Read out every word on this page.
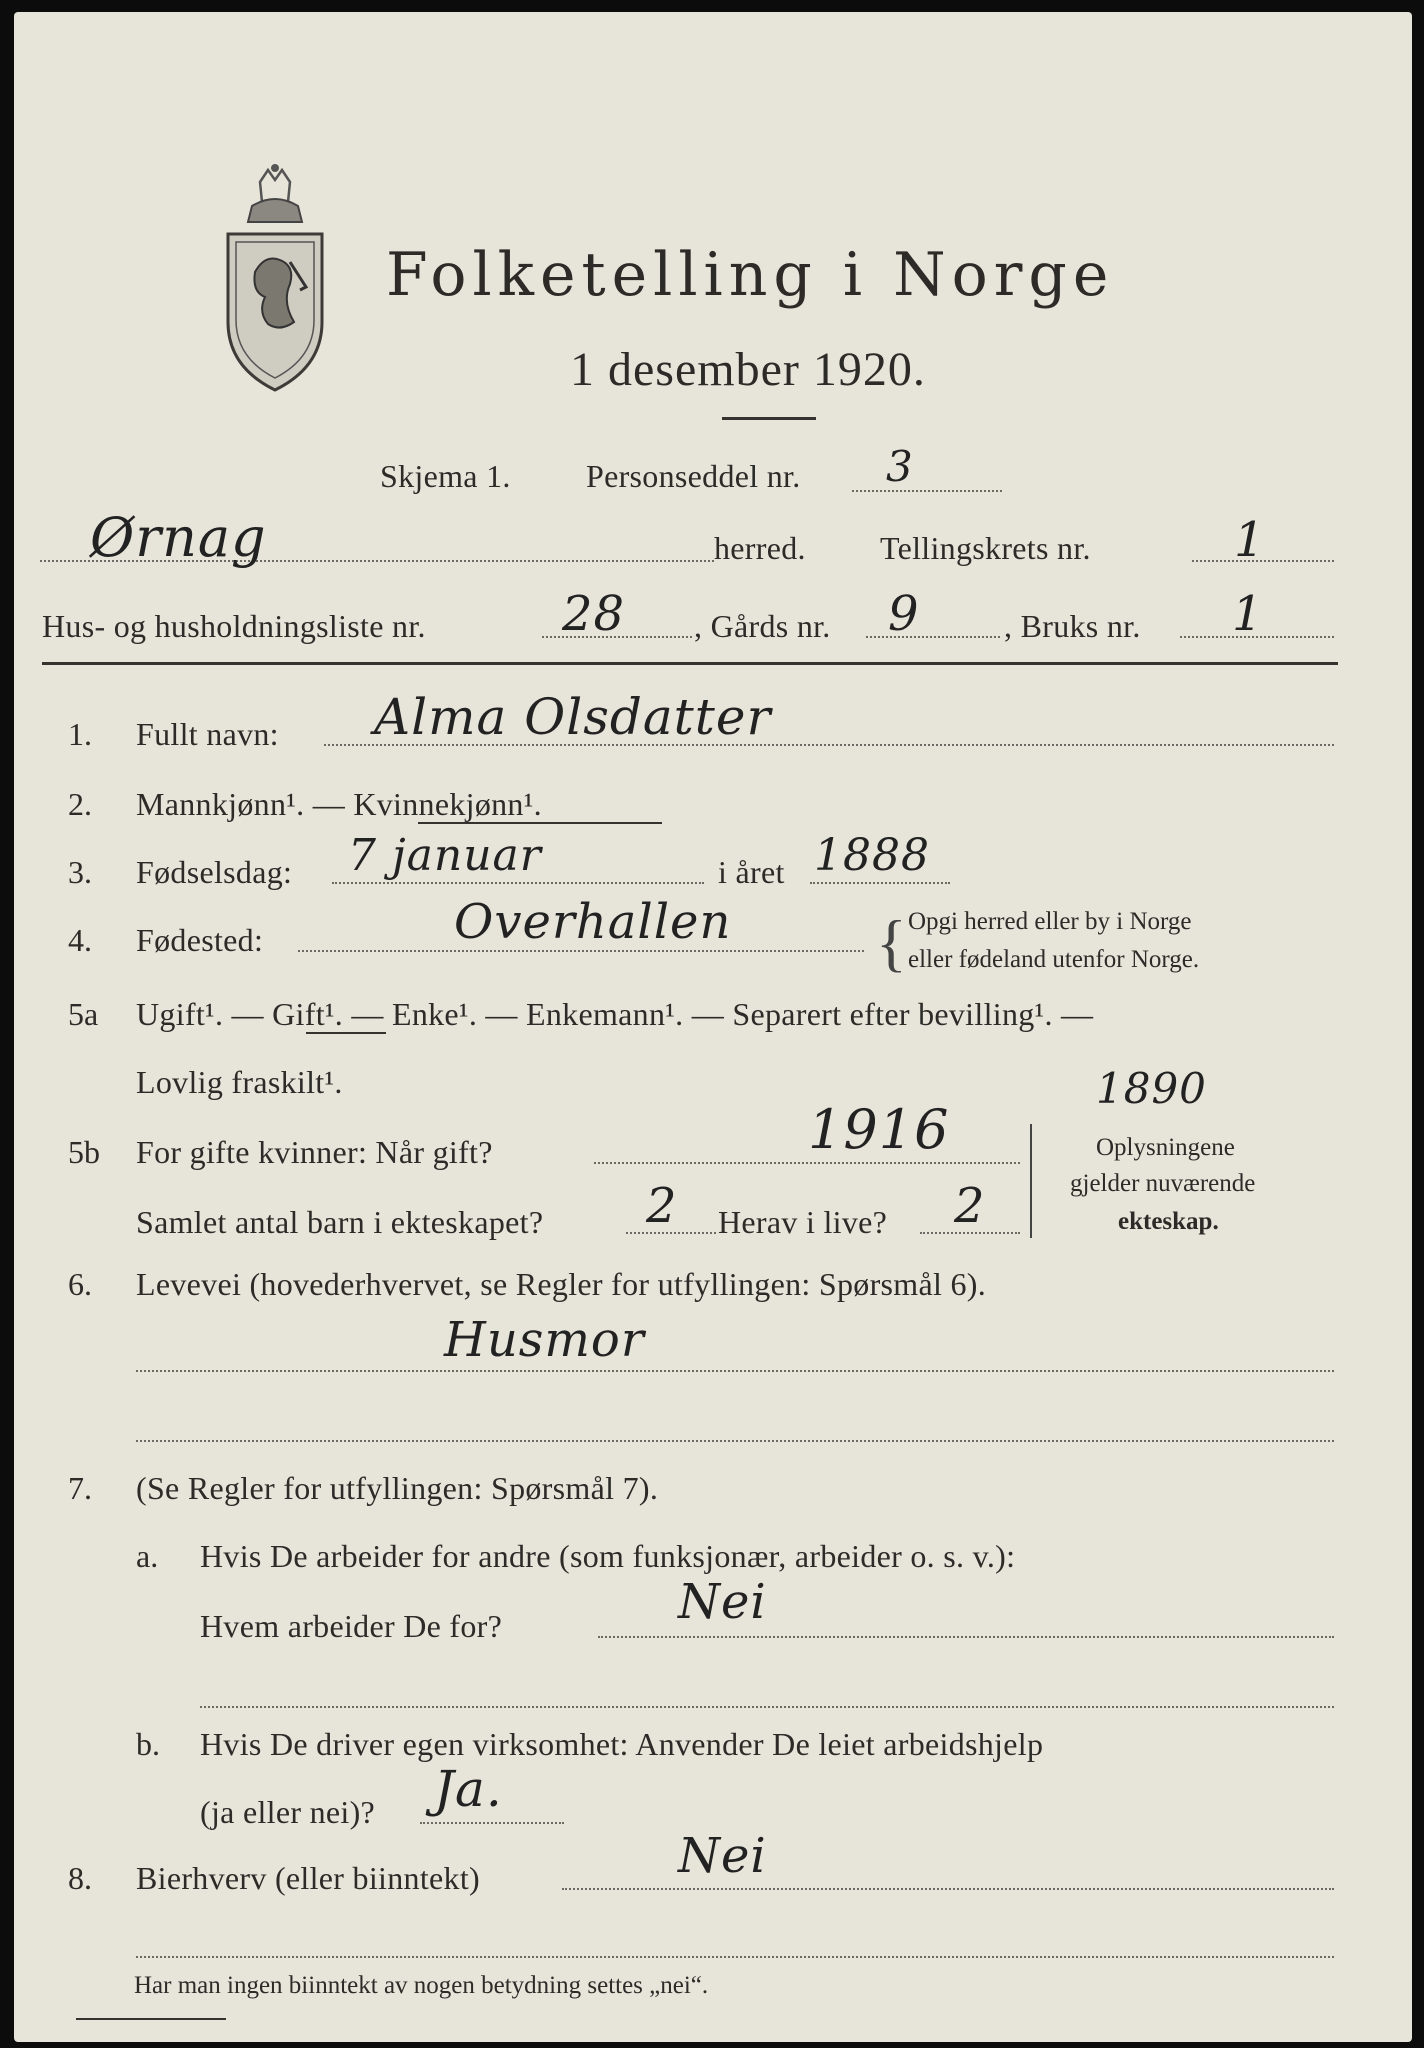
Folketelling i Norge
1 desember 1920.
Skjema 1. Personseddel nr. 3
Ørnag	herred. Tellingskrets nr.	1
Hus- og husholdningsliste nr.	28 , Gårds nr. 9	, Bruks nr. 1
1. Fullt navn: Alma Olsdatter
2. Mannkjønn¹. — Kvinnekjønn¹.
3. Fødselsdag: 7 januar	i året 1888
4. Fødested:	Overhallen	Opgi herred eller by i Norge
eller fødeland utenfor Norge.
{
5a Ugift¹. — Gift¹. — Enke¹. — Enkemann¹. — Separert efter bevilling¹. —
Lovlig fraskilt¹.	1890
5b For gifte kvinner: Når gift?	1916
Samlet antal barn i ekteskapet? 2 Herav i live? 2
Oplysningene
gjelder nuværende
ekteskap.
6. Levevei (hovederhvervet, se Regler for utfyllingen: Spørsmål 6).
Husmor
7. (Se Regler for utfyllingen: Spørsmål 7).
a. Hvis De arbeider for andre (som funksjonær, arbeider o. s. v.):
Hvem arbeider De for?	Nei
b. Hvis De driver egen virksomhet: Anvender De leiet arbeidshjelp
(ja eller nei)? Ja.
8. Bierhverv (eller biinntekt)	Nei
Har man ingen biinntekt av nogen betydning settes „nei“.
